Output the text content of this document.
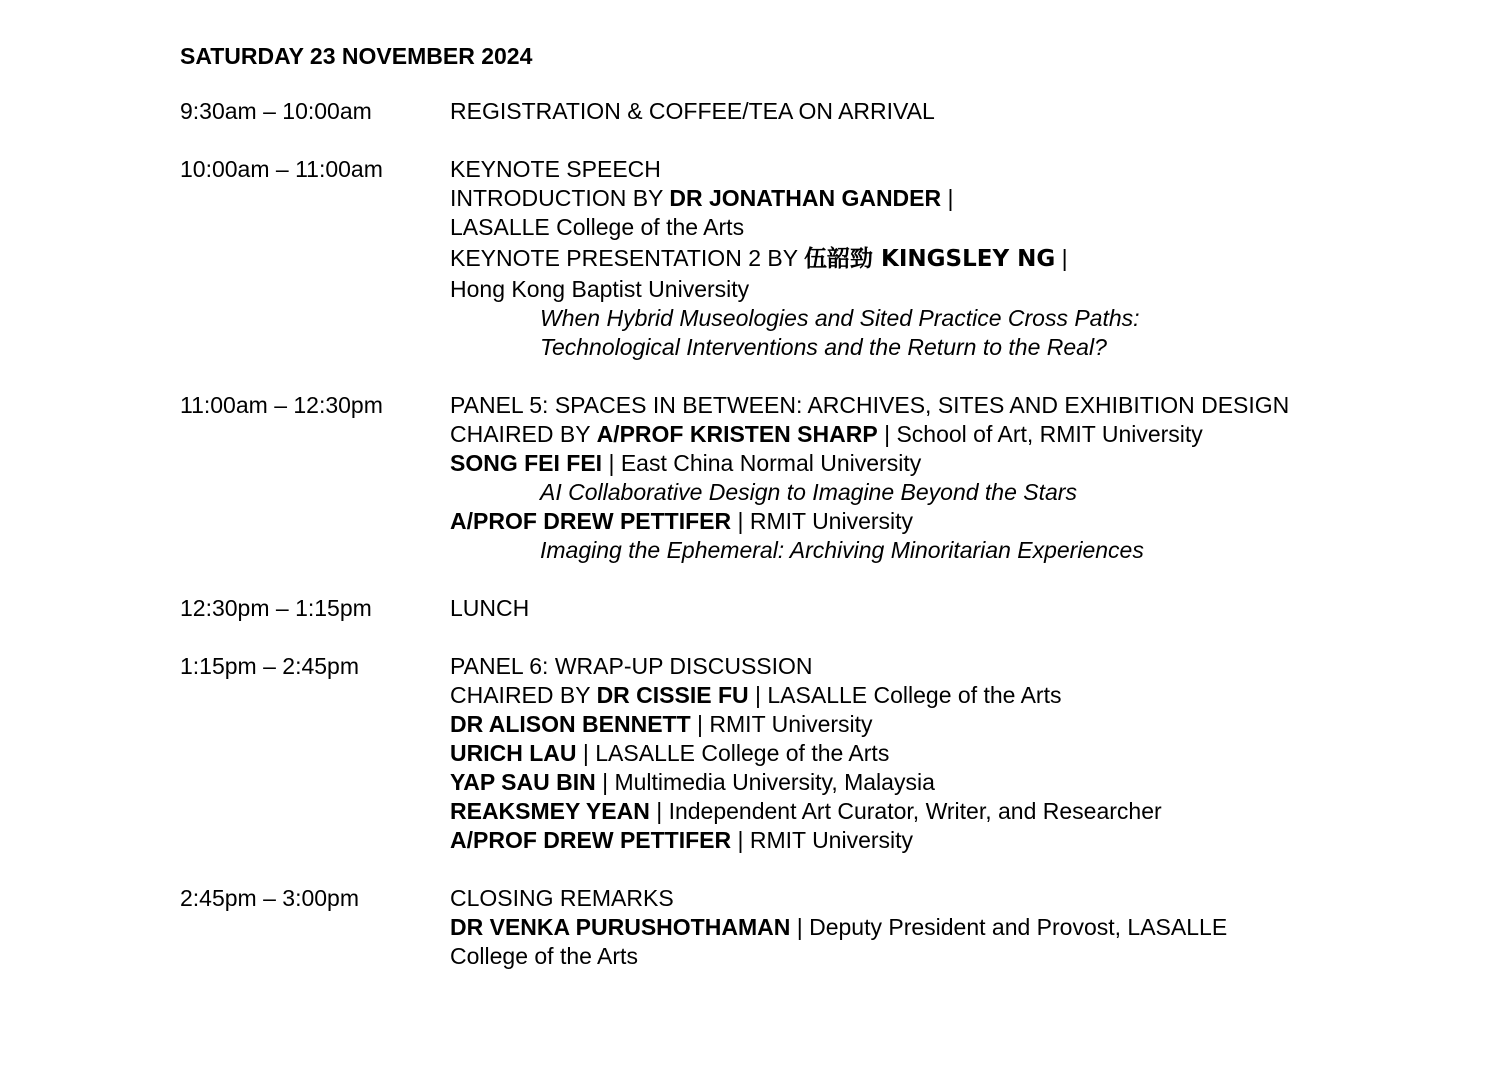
SATURDAY 23 NOVEMBER 2024
9:30am – 10:00am	REGISTRATION & COFFEE/TEA ON ARRIVAL
10:00am – 11:00am	KEYNOTE SPEECH
INTRODUCTION BY DR JONATHAN GANDER |
LASALLE College of the Arts
KEYNOTE PRESENTATION 2 BY 伍韶勁 KINGSLEY NG |
Hong Kong Baptist University
When Hybrid Museologies and Sited Practice Cross Paths:
Technological Interventions and the Return to the Real?
11:00am – 12:30pm	PANEL 5: SPACES IN BETWEEN: ARCHIVES, SITES AND EXHIBITION DESIGN
CHAIRED BY A/PROF KRISTEN SHARP | School of Art, RMIT University
SONG FEI FEI | East China Normal University
AI Collaborative Design to Imagine Beyond the Stars
A/PROF DREW PETTIFER | RMIT University
Imaging the Ephemeral: Archiving Minoritarian Experiences
12:30pm – 1:15pm	LUNCH
1:15pm – 2:45pm	PANEL 6: WRAP-UP DISCUSSION
CHAIRED BY DR CISSIE FU | LASALLE College of the Arts
DR ALISON BENNETT | RMIT University
URICH LAU | LASALLE College of the Arts
YAP SAU BIN | Multimedia University, Malaysia
REAKSMEY YEAN | Independent Art Curator, Writer, and Researcher
A/PROF DREW PETTIFER | RMIT University
2:45pm – 3:00pm	CLOSING REMARKS
DR VENKA PURUSHOTHAMAN | Deputy President and Provost, LASALLE
College of the Arts
